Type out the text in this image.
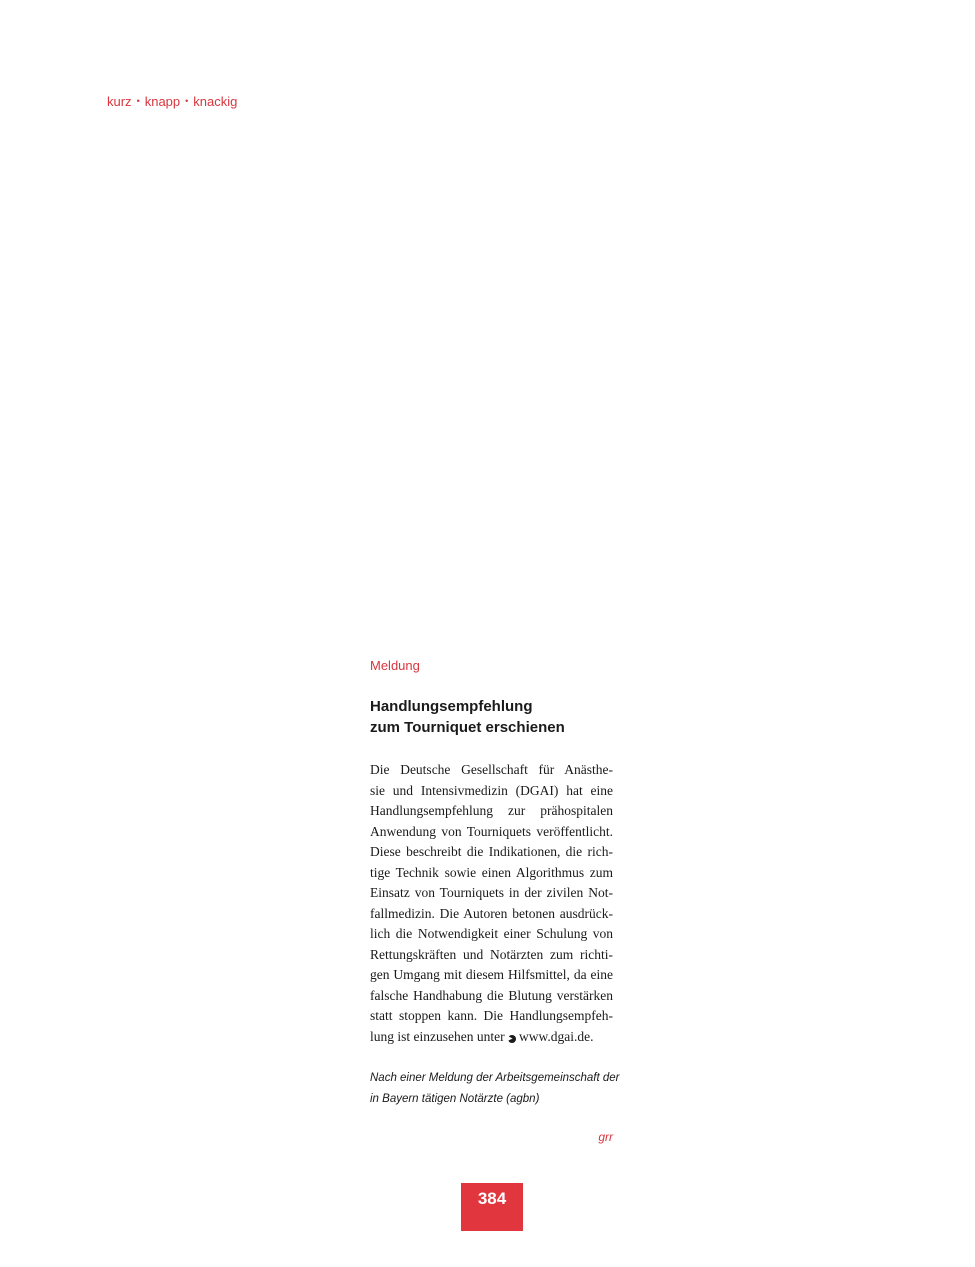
kurz • knapp • knackig
Meldung
Handlungsempfehlung
zum Tourniquet erschienen
Die Deutsche Gesellschaft für Anästhe-
sie und Intensivmedizin (DGAI) hat eine
Handlungsempfehlung zur prähospitalen
Anwendung von Tourniquets veröffentlicht.
Diese beschreibt die Indikationen, die rich-
tige Technik sowie einen Algorithmus zum
Einsatz von Tourniquets in der zivilen Not-
fallmedizin. Die Autoren betonen ausdrück-
lich die Notwendigkeit einer Schulung von
Rettungskräften und Notärzten zum richti-
gen Umgang mit diesem Hilfsmittel, da eine
falsche Handhabung die Blutung verstärken
statt stoppen kann. Die Handlungsempfeh-
lung ist einzusehen unter ▶ www.dgai.de.
Nach einer Meldung der Arbeitsgemeinschaft der
in Bayern tätigen Notärzte (agbn)
grr
384
